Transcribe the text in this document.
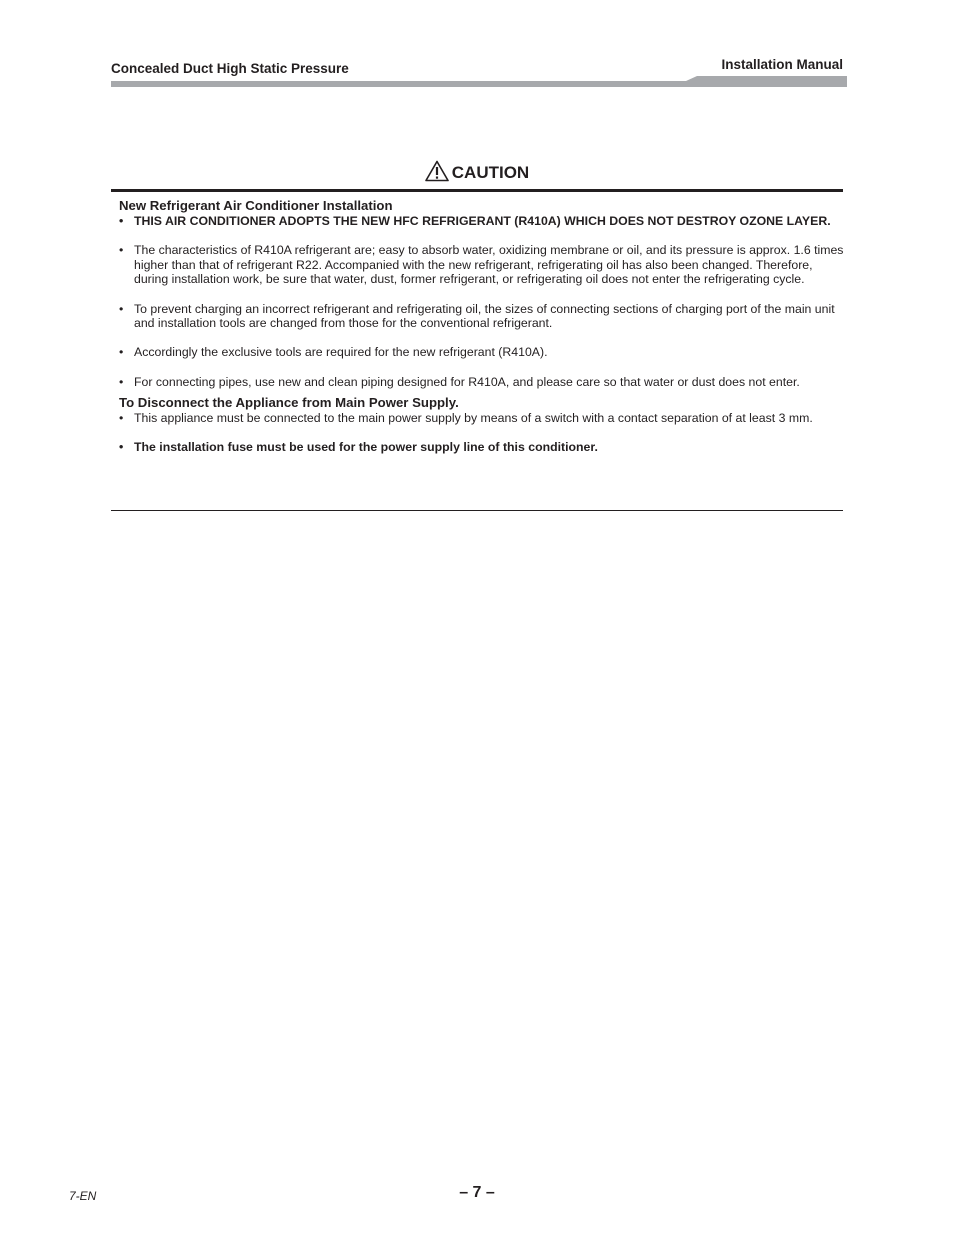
Concealed Duct High Static Pressure	Installation Manual
CAUTION
New Refrigerant Air Conditioner Installation
• THIS AIR CONDITIONER ADOPTS THE NEW HFC REFRIGERANT (R410A) WHICH DOES NOT DESTROY OZONE LAYER.
• The characteristics of R410A refrigerant are; easy to absorb water, oxidizing membrane or oil, and its pressure is approx. 1.6 times higher than that of refrigerant R22. Accompanied with the new refrigerant, refrigerating oil has also been changed. Therefore, during installation work, be sure that water, dust, former refrigerant, or refrigerating oil does not enter the refrigerating cycle.
• To prevent charging an incorrect refrigerant and refrigerating oil, the sizes of connecting sections of charging port of the main unit and installation tools are changed from those for the conventional refrigerant.
• Accordingly the exclusive tools are required for the new refrigerant (R410A).
• For connecting pipes, use new and clean piping designed for R410A, and please care so that water or dust does not enter.
To Disconnect the Appliance from Main Power Supply.
• This appliance must be connected to the main power supply by means of a switch with a contact separation of at least 3 mm.
• The installation fuse must be used for the power supply line of this conditioner.
7-EN	– 7 –
